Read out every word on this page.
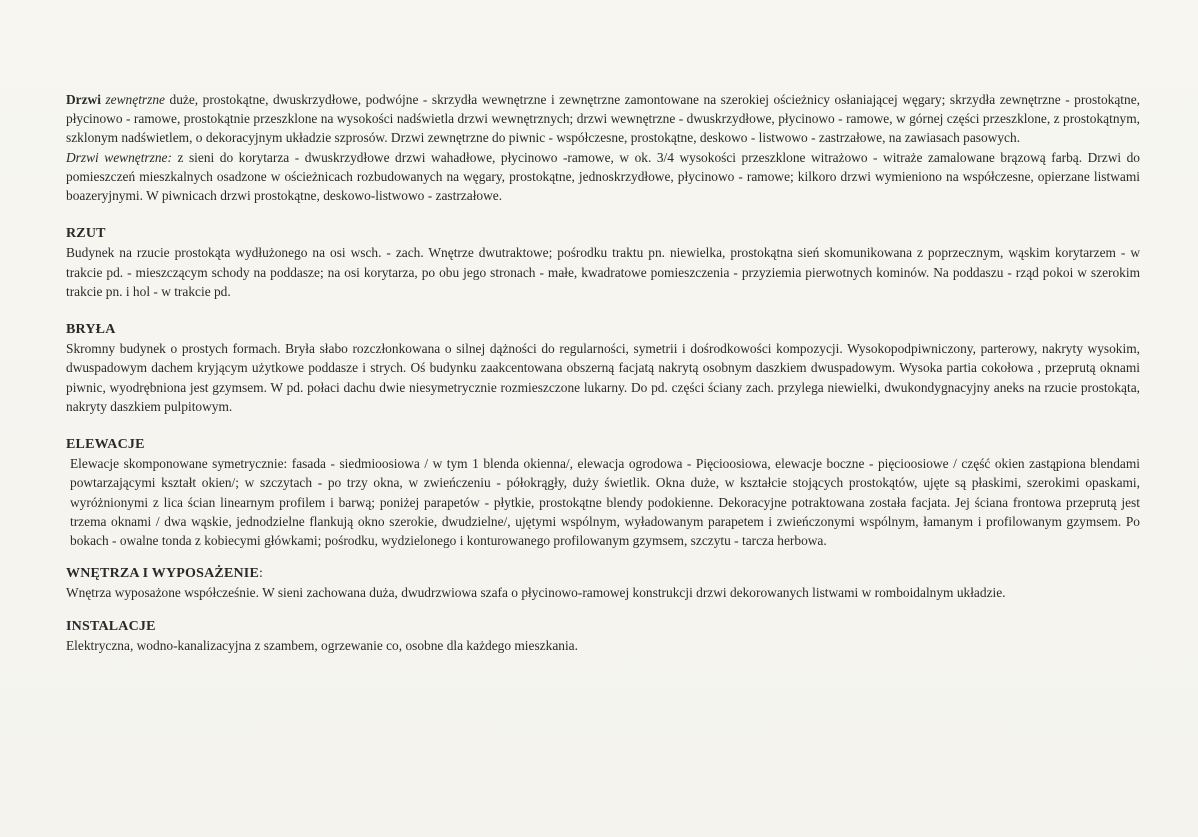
Drzwi zewnętrzne duże, prostokątne, dwuskrzydłowe, podwójne - skrzydła wewnętrzne i zewnętrzne zamontowane na szerokiej ościeżnicy osłaniającej węgary; skrzydła zewnętrzne - prostokątne, płycinowo - ramowe, prostokątnie przeszklone na wysokości nadświetla drzwi wewnętrznych; drzwi wewnętrzne - dwuskrzydłowe, płycinowo - ramowe, w górnej części przeszklone, z prostokątnym, szklonym nadświetlem, o dekoracyjnym układzie szprosów. Drzwi zewnętrzne do piwnic - współczesne, prostokątne, deskowo - listwowo - zastrzałowe, na zawiasach pasowych.

Drzwi wewnętrzne: z sieni do korytarza - dwuskrzydłowe drzwi wahadłowe, płycinowo -ramowe, w ok. 3/4 wysokości przeszklone witrażowo - witraże zamalowane brązową farbą. Drzwi do pomieszczeń mieszkalnych osadzone w ościeżnicach rozbudowanych na węgary, prostokątne, jednoskrzydłowe, płycinowo - ramowe; kilkoro drzwi wymieniono na współczesne, opierzane listwami boazeryjnymi. W piwnicach drzwi prostokątne, deskowo-listwowo - zastrzałowe.

RZUT

Budynek na rzucie prostokąta wydłużonego na osi wsch. - zach. Wnętrze dwutraktowe; pośrodku traktu pn. niewielka, prostokątna sień skomunikowana z poprzecznym, wąskim korytarzem - w trakcie pd. - mieszczącym schody na poddasze; na osi korytarza, po obu jego stronach - małe, kwadratowe pomieszczenia - przyziemia pierwotnych kominów. Na poddaszu - rząd pokoi w szerokim trakcie pn. i hol - w trakcie pd.

BRYŁA

Skromny budynek o prostych formach. Bryła słabo rozczłonkowana o silnej dążności do regularności, symetrii i dośrodkowości kompozycji. Wysokopodpiwniczony, parterowy, nakryty wysokim, dwuspadowym dachem kryjącym użytkowe poddasze i strych. Oś budynku zaakcentowana obszerną facjatą nakrytą osobnym daszkiem dwuspadowym. Wysoka partia cokołowa , przeprutą oknami piwnic, wyodrębniona jest gzymsem. W pd. połaci dachu dwie niesymetrycznie rozmieszczone lukarny. Do pd. części ściany zach. przylega niewielki, dwukondygnacyjny aneks na rzucie prostokąta, nakryty daszkiem pulpitowym.

ELEWACJE

Elewacje skomponowane symetrycznie: fasada - siedmioosiowa / w tym 1 blenda okienna/, elewacja ogrodowa - Pięcioosiowa, elewacje boczne - pięcioosiowe / część okien zastąpiona blendami powtarzającymi kształt okien/; w szczytach - po trzy okna, w zwieńczeniu - półokrągły, duży świetlik. Okna duże, w kształcie stojących prostokątów, ujęte są płaskimi, szerokimi opaskami, wyróżnionymi z lica ścian linearnym profilem i barwą; poniżej parapetów - płytkie, prostokątne blendy podokienne. Dekoracyjne potraktowana została facjata. Jej ściana frontowa przeprutą jest trzema oknami / dwa wąskie, jednodzielne flankują okno szerokie, dwudzielne/, ujętymi wspólnym, wyładowanym parapetem i zwieńczonymi wspólnym, łamanym i profilowanym gzymsem. Po bokach - owalne tonda z kobiecymi główkami; pośrodku, wydzielonego i konturowanego profilowanym gzymsem, szczytu - tarcza herbowa.

WNĘTRZA I WYPOSAŻENIE:

Wnętrza wyposażone współcześnie. W sieni zachowana duża, dwudrzwiowa szafa o płycinowo-ramowej konstrukcji drzwi dekorowanych listwami w romboidalnym układzie.

INSTALACJE

Elektryczna, wodno-kanalizacyjna z szambem, ogrzewanie co, osobne dla każdego mieszkania.
